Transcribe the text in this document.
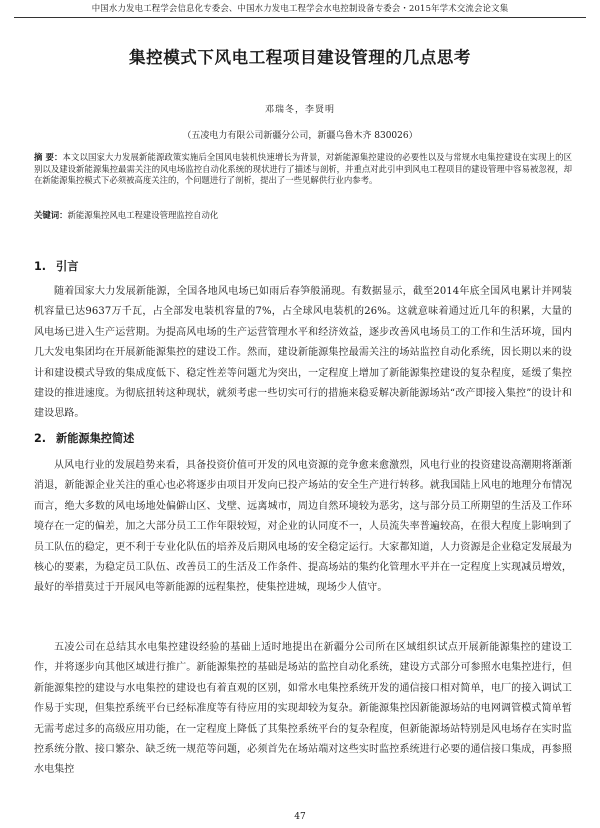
中国水力发电工程学会信息化专委会、中国水力发电工程学会水电控制设备专委会・2015年学术交流会论文集
集控模式下风电工程项目建设管理的几点思考
邓瑞冬，李贤明
（五凌电力有限公司新疆分公司，新疆乌鲁木齐 830026）
摘 要：本文以国家大力发展新能源政策实施后全国风电装机快速增长为背景，对新能源集控建设的必要性以及与常规水电集控建设在实现上的区别以及建设新能源集控最需关注的风电场监控自动化系统的现状进行了描述与剖析，并重点对此引申到风电工程项目的建设管理中容易被忽视，却在新能源集控模式下必须被高度关注的，个问题进行了剖析，提出了一些见解供行业内参考。
关键词：新能源集控风电工程建设管理监控自动化
1. 引言
随着国家大力发展新能源，全国各地风电场已如雨后春笋般涌现。有数据显示，截至2014年底全国风电累计并网装机容量已达9637万千瓦，占全部发电装机容量的7%，占全球风电装机的26%。这就意味着通过近几年的积累，大量的风电场已进入生产运营期。为提高风电场的生产运营管理水平和经济效益，逐步改善风电场员工的工作和生活环境，国内几大发电集团均在开展新能源集控的建设工作。然而，建设新能源集控最需关注的场站监控自动化系统，因长期以来的设计和建设模式导致的集成度低下、稳定性差等问题尤为突出，一定程度上增加了新能源集控建设的复杂程度，延缓了集控建设的推进速度。为彻底扭转这种现状，就须考虑一些切实可行的措施来稳妥解决新能源场站“改产即接入集控”的设计和建设思路。
2. 新能源集控简述
从风电行业的发展趋势来看，具备投资价值可开发的风电资源的竞争愈来愈激烈，风电行业的投资建设高潮期将渐渐消退，新能源企业关注的重心也必将逐步由项目开发向已投产场站的安全生产进行转移。就我国陆上风电的地理分布情况而言，绝大多数的风电场地处偏僻山区、戈壁、远离城市，周边自然环境较为恶劣，这与部分员工所期望的生活及工作环境存在一定的偏差，加之大部分员工工作年限较短，对企业的认同度不一，人员流失率普遍较高，在很大程度上影响到了员工队伍的稳定，更不利于专业化队伍的培养及后期风电场的安全稳定运行。大家都知道，人力资源是企业稳定发展最为核心的要素，为稳定员工队伍、改善员工的生活及工作条件、提高场站的集约化管理水平并在一定程度上实现减员增效，最好的举措莫过于开展风电等新能源的远程集控，使集控进城，现场少人值守。
五凌公司在总结其水电集控建设经验的基础上适时地提出在新疆分公司所在区域组织试点开展新能源集控的建设工作，并将逐步向其他区域进行推广。新能源集控的基础是场站的监控自动化系统，建设方式部分可参照水电集控进行，但新能源集控的建设与水电集控的建设也有着直观的区别，如常水电集控系统开发的通信接口相对简单，电厂的接入调试工作易于实现，但集控系统平台已经标准度等有待应用的实现却较为复杂。新能源集控因新能源场站的电网调管模式简单暂无需考虑过多的高级应用功能，在一定程度上降低了其集控系统平台的复杂程度，但新能源场站特别是风电场存在实时监控系统分散、接口繁杂、缺乏统一规范等问题，必须首先在场站端对这些实时监控系统进行必要的通信接口集成，再参照水电集控
47
